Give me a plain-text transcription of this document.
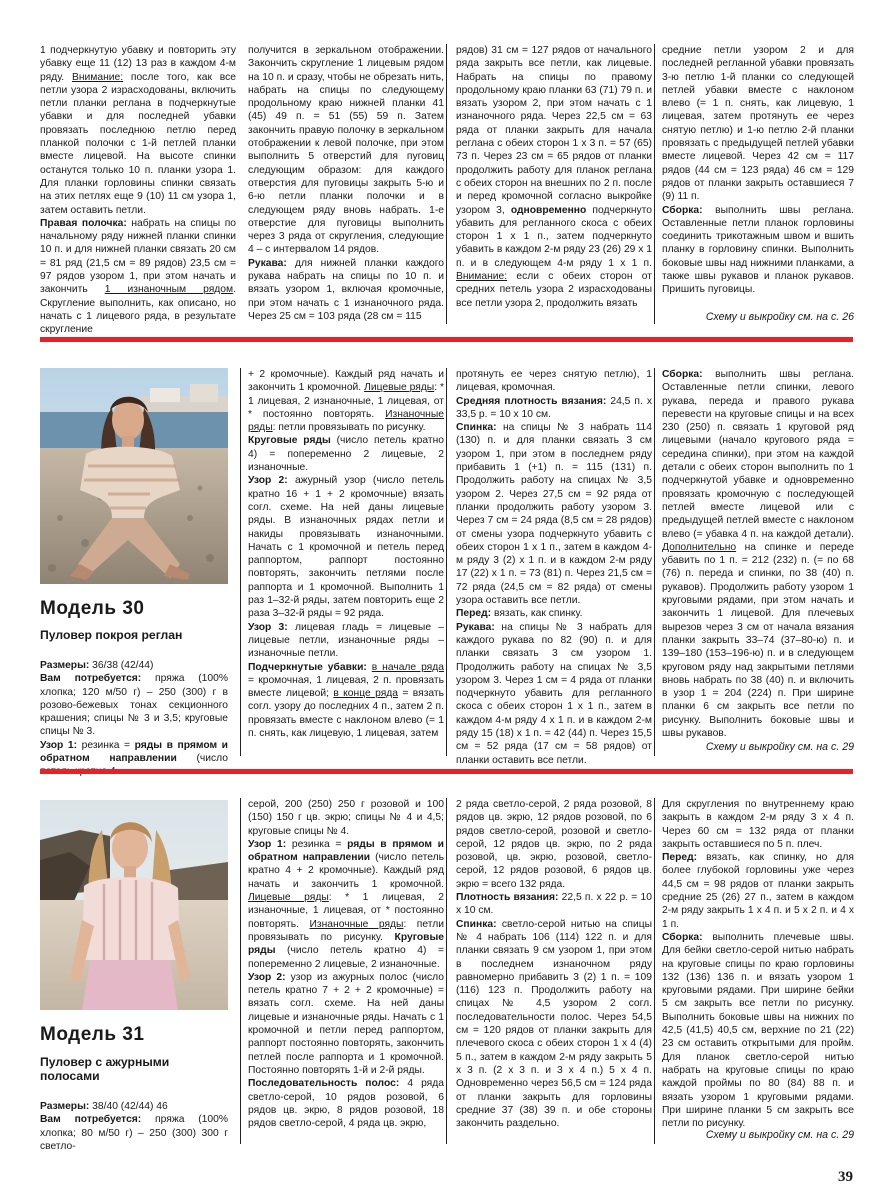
1 подчеркнутую убавку и повторить эту убавку еще 11 (12) 13 раз в каждом 4-м ряду. Внимание: после того, как все петли узора 2 израсходованы, включить петли планки реглана в подчеркнутые убавки и для последней убавки провязать последнюю петлю перед планкой полочки с 1-й петлей планки вместе лицевой. На высоте спинки останутся только 10 п. планки узора 1. Для планки горловины спинки связать на этих петлях еще 9 (10) 11 см узора 1, затем оставить петли.

Правая полочка: набрать на спицы по начальному ряду нижней планки спинки 10 п. и для нижней планки связать 20 см = 81 ряд (21,5 см = 89 рядов) 23,5 см = 97 рядов узором 1, при этом начать и закончить 1 изнаночным рядом. Скругление выполнить, как описано, но начать с 1 лицевого ряда, в результате скругление

получится в зеркальном отображении. Закончить скругление 1 лицевым рядом на 10 п. и сразу, чтобы не обрезать нить, набрать на спицы по следующему продольному краю нижней планки 41 (45) 49 п. = 51 (55) 59 п. Затем закончить правую полочку в зеркальном отображении к левой полочке, при этом выполнить 5 отверстий для пуговиц следующим образом: для каждого отверстия для пуговицы закрыть 5-ю и 6-ю петли планки полочки и в следующем ряду вновь набрать. 1-е отверстие для пуговицы выполнить через 3 ряда от скругления, следующие 4 – с интервалом 14 рядов.

Рукава: для нижней планки каждого рукава набрать на спицы по 10 п. и вязать узором 1, включая кромочные, при этом начать с 1 изнаночного ряда. Через 25 см = 103 ряда (28 см = 115

рядов) 31 см = 127 рядов от начального ряда закрыть все петли, как лицевые. Набрать на спицы по правому продольному краю планки 63 (71) 79 п. и вязать узором 2, при этом начать с 1 изнаночного ряда. Через 22,5 см = 63 ряда от планки закрыть для начала реглана с обеих сторон 1 х 3 п. = 57 (65) 73 п. Через 23 см = 65 рядов от планки продолжить работу для планок реглана с обеих сторон на внешних по 2 п. после и перед кромочной согласно выкройке узором 3, одновременно подчеркнуто убавить для регланного скоса с обеих сторон 1 х 1 п., затем подчеркнуто убавить в каждом 2-м ряду 23 (26) 29 х 1 п. и в следующем 4-м ряду 1 х 1 п. Внимание: если с обеих сторон от средних петель узора 2 израсходованы все петли узора 2, продолжить вязать

средние петли узором 2 и для последней регланной убавки провязать 3-ю петлю 1-й планки со следующей петлей убавки вместе с наклоном влево (= 1 п. снять, как лицевую, 1 лицевая, затем протянуть ее через снятую петлю) и 1-ю петлю 2-й планки провязать с предыдущей петлей убавки вместе лицевой. Через 42 см = 117 рядов (44 см = 123 ряда) 46 см = 129 рядов от планки закрыть оставшиеся 7 (9) 11 п.

Сборка: выполнить швы реглана. Оставленные петли планок горловины соединить трикотажным швом и вшить планку в горловину спинки. Выполнить боковые швы над нижними планками, а также швы рукавов и планок рукавов. Пришить пуговицы.

Схему и выкройку см. на с. 26
Модель 30
Пуловер покроя реглан

Размеры: 36/38 (42/44)

Вам потребуется: пряжа (100% хлопка; 120 м/50 г) – 250 (300) г в розово-бежевых тонах секционного крашения; спицы № 3 и 3,5; круговые спицы № 3.

Узор 1: резинка = ряды в прямом и обратном направлении (число

+ 2 кромочные). Каждый ряд начать и закончить 1 кромочной. Лицевые ряды: * 1 лицевая, 2 изнаночные, 1 лицевая, от * постоянно повторять. Изнаночные ряды: петли провязывать по рисунку.

Круговые ряды (число петель кратно 4) = попеременно 2 лицевые, 2 изнаночные.

Узор 2: ажурный узор (число петель кратно 16 + 1 + 2 кромочные) вязать согл. схеме. На ней даны лицевые ряды. В изнаночных рядах петли и накиды провязывать изнаночными. Начать с 1 кромочной и петель перед раппортом, раппорт постоянно повторять, закончить петлями после раппорта и 1 кромочной. Выполнить 1 раз 1–32-й ряды, затем повторить еще 2 раза 3–32-й ряды = 92 ряда.

Узор 3: лицевая гладь = лицевые – лицевые петли, изнаночные ряды – изнаночные петли.

Подчеркнутые убавки: в начале ряда = кромочная, 1 лицевая, 2 п. провязать вместе лицевой; в конце ряда = вязать согл. узору до последних 4 п., затем 2 п. провязать вместе с наклоном влево (= 1 п. снять, как лицевую, 1 лицевая, затем

протянуть ее через снятую петлю), 1 лицевая, кромочная.

Средняя плотность вязания: 24,5 п. х 33,5 р. = 10 х 10 см.

Спинка: на спицы № 3 набрать 114 (130) п. и для планки связать 3 см узором 1, при этом в последнем ряду прибавить 1 (+1) п. = 115 (131) п. Продолжить работу на спицах № 3,5 узором 2. Через 27,5 см = 92 ряда от планки продолжить работу узором 3. Через 7 см = 24 ряда (8,5 см = 28 рядов) от смены узора подчеркнуто убавить с обеих сторон 1 х 1 п., затем в каждом 4-м ряду 3 (2) х 1 п. и в каждом 2-м ряду 17 (22) х 1 п. = 73 (81) п. Через 21,5 см = 72 ряда (24,5 см = 82 ряда) от смены узора оставить все петли.

Перед: вязать, как спинку.

Рукава: на спицы № 3 набрать для каждого рукава по 82 (90) п. и для планки связать 3 см узором 1. Продолжить работу на спицах № 3,5 узором 3. Через 1 см = 4 ряда от планки подчеркнуто убавить для регланного скоса с обеих сторон 1 х 1 п., затем в каждом 4-м ряду 4 х 1 п. и в каждом 2-м ряду 15 (18) х 1 п. = 42 (44) п. Через 15,5 см = 52 ряда (17 см = 58 рядов) от планки оставить все петли.

Сборка: выполнить швы реглана. Оставленные петли спинки, левого рукава, переда и правого рукава перевести на круговые спицы и на всех 230 (250) п. связать 1 круговой ряд лицевыми (начало кругового ряда = середина спинки), при этом на каждой детали с обеих сторон выполнить по 1 подчеркнутой убавке и одновременно провязать кромочную с последующей петлей вместе лицевой или с предыдущей петлей вместе с наклоном влево (= убавка 4 п. на каждой детали). Дополнительно на спинке и переде убавить по 1 п. = 212 (232) п. (= по 68 (76) п. переда и спинки, по 38 (40) п. рукавов). Продолжить работу узором 1 круговыми рядами, при этом начать и закончить 1 лицевой. Для плечевых вырезов через 3 см от начала вязания планки закрыть 33–74 (37–80-ю) п. и 139–180 (153–196-ю) п. и в следующем круговом ряду над закрытыми петлями вновь набрать по 38 (40) п. и включить в узор 1 = 204 (224) п. При ширине планки 6 см закрыть все петли по рисунку. Выполнить боковые швы и швы рукавов.

Схему и выкройку см. на с. 29
Модель 31
Пуловер с ажурными полосами

Размеры: 38/40 (42/44) 46

Вам потребуется: пряжа (100% хлопка; 80 м/50 г) – 250 (300) 300 г светло-

серой, 200 (250) 250 г розовой и 100 (150) 150 г цв. экрю; спицы № 4 и 4,5; круговые спицы № 4.

Узор 1: резинка = ряды в прямом и обратном направлении (число петель кратно 4 + 2 кромочные). Каждый ряд начать и закончить 1 кромочной. Лицевые ряды: * 1 лицевая, 2 изнаночные, 1 лицевая, от * постоянно повторять. Изнаночные ряды: петли провязывать по рисунку. Круговые ряды (число петель кратно 4) = попеременно 2 лицевые, 2 изнаночные.

Узор 2: узор из ажурных полос (число петель кратно 7 + 2 + 2 кромочные) = вязать согл. схеме. На ней даны лицевые и изнаночные ряды. Начать с 1 кромочной и петли перед раппортом, раппорт постоянно повторять, закончить петлей после раппорта и 1 кромочной. Постоянно повторять 1-й и 2-й ряды.

Последовательность полос: 4 ряда светло-серой, 10 рядов розовой, 6 рядов цв. экрю, 8 рядов розовой, 18 рядов светло-серой, 4 ряда цв. экрю,

2 ряда светло-серой, 2 ряда розовой, 8 рядов цв. экрю, 12 рядов розовой, по 6 рядов светло-серой, розовой и светло-серой, 12 рядов цв. экрю, по 2 ряда розовой, цв. экрю, розовой, светло-серой, 12 рядов розовой, 6 рядов цв. экрю = всего 132 ряда.

Плотность вязания: 22,5 п. х 22 р. = 10 х 10 см.

Спинка: светло-серой нитью на спицы № 4 набрать 106 (114) 122 п. и для планки связать 9 см узором 1, при этом в последнем изнаночном ряду равномерно прибавить 3 (2) 1 п. = 109 (116) 123 п. Продолжить работу на спицах № 4,5 узором 2 согл. последовательности полос. Через 54,5 см = 120 рядов от планки закрыть для плечевого скоса с обеих сторон 1 х 4 (4) 5 п., затем в каждом 2-м ряду закрыть 5 х 3 п. (2 х 3 п. и 3 х 4 п.) 5 х 4 п. Одновременно через 56,5 см = 124 ряда от планки закрыть для горловины средние 37 (38) 39 п. и обе стороны закончить раздельно.

Для скругления по внутреннему краю закрыть в каждом 2-м ряду 3 х 4 п. Через 60 см = 132 ряда от планки закрыть оставшиеся по 5 п. плеч.

Перед: вязать, как спинку, но для более глубокой горловины уже через 44,5 см = 98 рядов от планки закрыть средние 25 (26) 27 п., затем в каждом 2-м ряду закрыть 1 х 4 п. и 5 х 2 п. и 4 х 1 п.

Сборка: выполнить плечевые швы. Для бейки светло-серой нитью набрать на круговые спицы по краю горловины 132 (136) 136 п. и вязать узором 1 круговыми рядами. При ширине бейки 5 см закрыть все петли по рисунку. Выполнить боковые швы на нижних по 42,5 (41,5) 40,5 см, верхние по 21 (22) 23 см оставить открытыми для пройм. Для планок светло-серой нитью набрать на круговые спицы по краю каждой проймы по 80 (84) 88 п. и вязать узором 1 круговыми рядами. При ширине планки 5 см закрыть все петли по рисунку.

Схему и выкройку см. на с. 29
39
